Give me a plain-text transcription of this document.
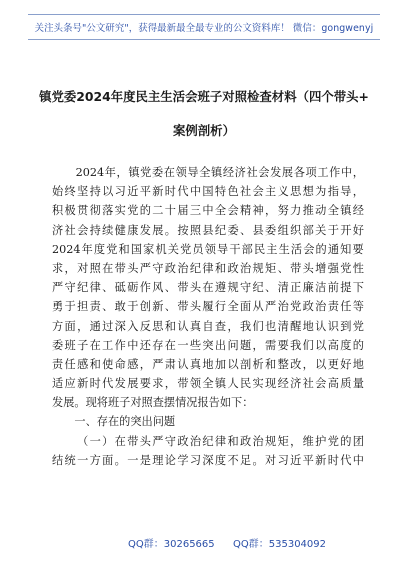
关注头条号"公文研究"，获得最新最全最专业的公文资料库！ 微信：gongwenyj
镇党委2024年度民主生活会班子对照检查材料（四个带头+
案例剖析）

2024 年 ， 镇 党 委 在 领 导 全 镇 经 济 社 会 发 展 各 项 工 作 中 ，
始 终 坚 持 以 习 近 平 新 时 代 中 国 特 色 社 会 主 义 思 想 为 指 导 ，
积 极 贯 彻 落 实 党 的 二 十 届 三 中 全 会 精 神 ， 努 力 推 动 全 镇 经
济 社 会 持 续 健 康 发 展 。 按 照 县 纪 委 、 县 委 组 织 部 关 于 开 好
2024 年 度 党 和 国 家 机 关 党 员 领 导 干 部 民 主 生 活 会 的 通 知 要
求 ， 对 照 在 带 头 严 守 政 治 纪 律 和 政 治 规 矩 、 带 头 增 强 党 性
严 守 纪 律 、 砥 砺 作 风 、 带 头 在 遵 规 守 纪 、 清 正 廉 洁 前 提 下
勇 于 担 责 、 敢 于 创 新 、 带 头 履 行 全 面 从 严 治 党 政 治 责 任 等
方 面 ， 通 过 深 入 反 思 和 认 真 自 查 ， 我 们 也 清 醒 地 认 识 到 党
委 班 子 在 工 作 中 还 存 在 一 些 突 出 问 题 ， 需 要 我 们 以 高 度 的
责 任 感 和 使 命 感 ， 严 肃 认 真 地 加 以 剖 析 和 整 改 ， 以 更 好 地
适 应 新 时 代 发 展 要 求 ， 带 领 全 镇 人 民 实 现 经 济 社 会 高 质 量
发展。现将班子对照查摆情况报告如下：
　　一、存在的突出问题

（ 一 ） 在 带 头 严 守 政 治 纪 律 和 政 治 规 矩 ， 维 护 党 的 团
结 统 一 方 面 。 一 是 理 论 学 习 深 度 不 足 。 对 习 近 平 新 时 代 中
QQ群：30265665 QQ群：535304092
